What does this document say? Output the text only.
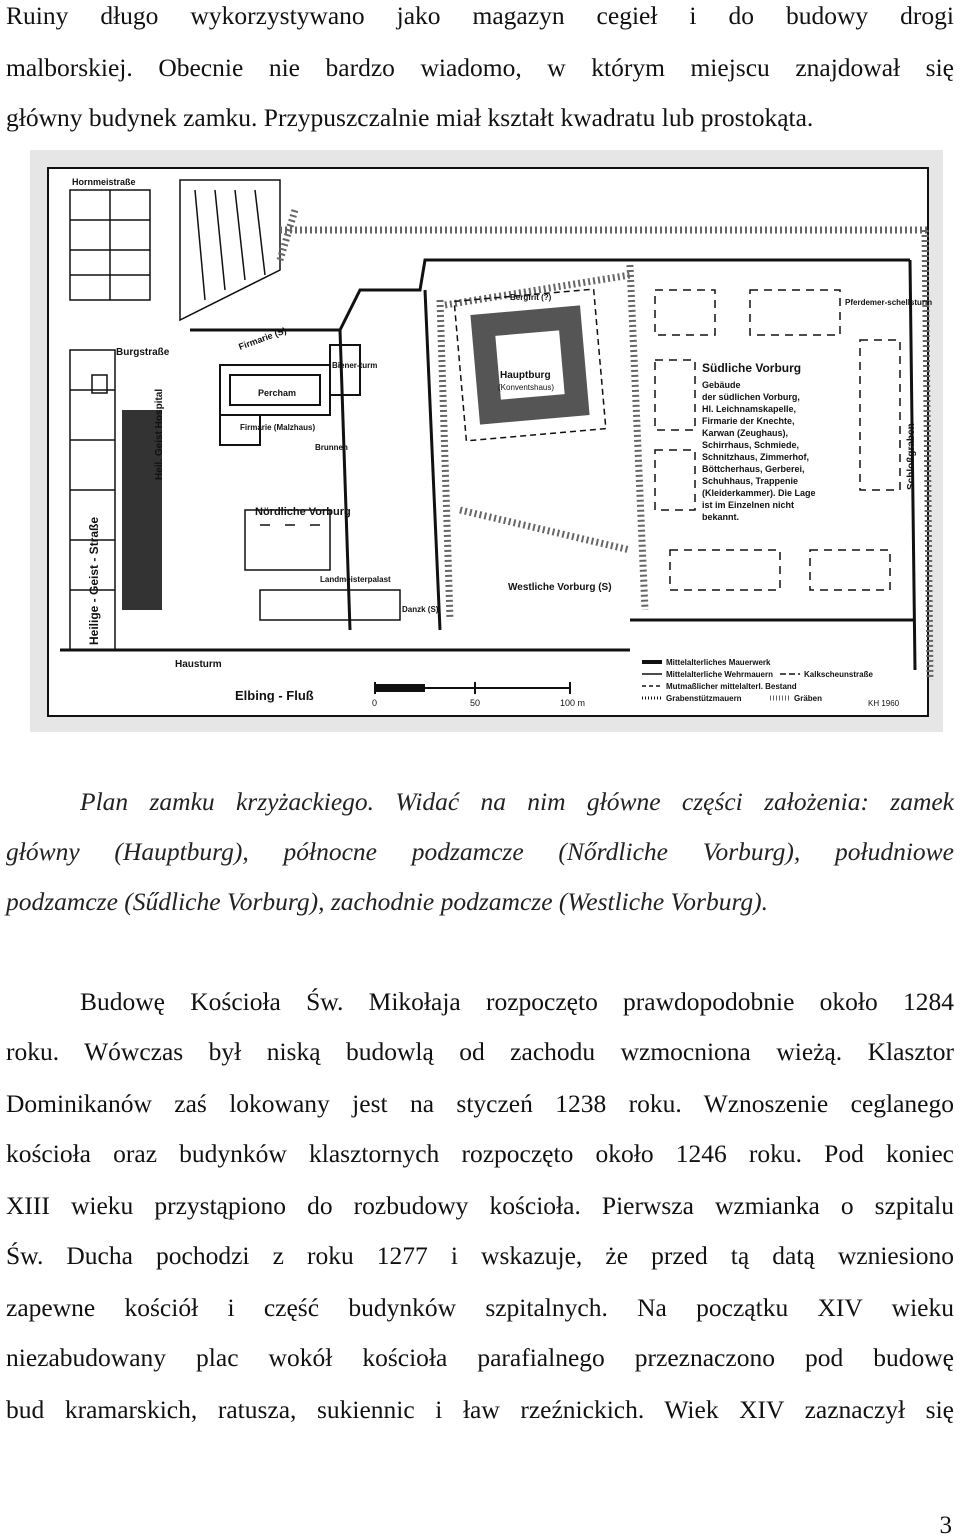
Ruiny długo wykorzystywano jako magazyn cegieł i do budowy drogi

malborskiej. Obecnie nie bardzo wiadomo, w którym miejscu znajdował się

główny budynek zamku. Przypuszczalnie miał kształt kwadratu lub prostokąta.

0	50	100 m
Mittelalterliches Mauerwerk
Mittelalterliche Wehrmauern
Mutmaßlicher mittelalterl. Bestand
Grabenstützmauern
Kalkscheunstraße
Gräben
KH 1960
Hornmeistraße
Burgstraße
Heilige - Geist - Straße
Heil. Geist Hospital
Firmarie (S)
Percham
Biener-turm
Firmarie (Malzhaus)
Brunnen
Nördliche Vorburg
Hauptburg
(Konventshaus)
Bergfrit (?)
Westliche Vorburg (S)
Landmeisterpalast
Danzk (S)
Hausturm
Elbing - Fluß
Pferdemer-schellsturm
Schloßgraben
Südliche Vorburg
Gebäude
der südlichen Vorburg,
Hl. Leichnamskapelle,
Firmarie der Knechte,
Karwan (Zeughaus),
Schirrhaus, Schmiede,
Schnitzhaus, Zimmerhof,
Böttcherhaus, Gerberei,
Schuhhaus, Trappenie
(Kleiderkammer). Die Lage
ist im Einzelnen nicht
bekannt.

Plan zamku krzyżackiego. Widać na nim główne części założenia: zamek

główny (Hauptburg), północne podzamcze (Nőrdliche Vorburg), południowe

podzamcze (Sűdliche Vorburg), zachodnie podzamcze (Westliche Vorburg).

Budowę Kościoła Św. Mikołaja rozpoczęto prawdopodobnie około 1284

roku. Wówczas był niską budowlą od zachodu wzmocniona wieżą. Klasztor

Dominikanów zaś lokowany jest na styczeń 1238 roku. Wznoszenie ceglanego

kościoła oraz budynków klasztornych rozpoczęto około 1246 roku. Pod koniec

XIII wieku przystąpiono do rozbudowy kościoła. Pierwsza wzmianka o szpitalu

Św. Ducha pochodzi z roku 1277 i wskazuje, że przed tą datą wzniesiono

zapewne kościół i część budynków szpitalnych. Na początku XIV wieku

niezabudowany plac wokół kościoła parafialnego przeznaczono pod budowę

bud kramarskich, ratusza, sukiennic i ław rzeźnickich. Wiek XIV zaznaczył się

3
